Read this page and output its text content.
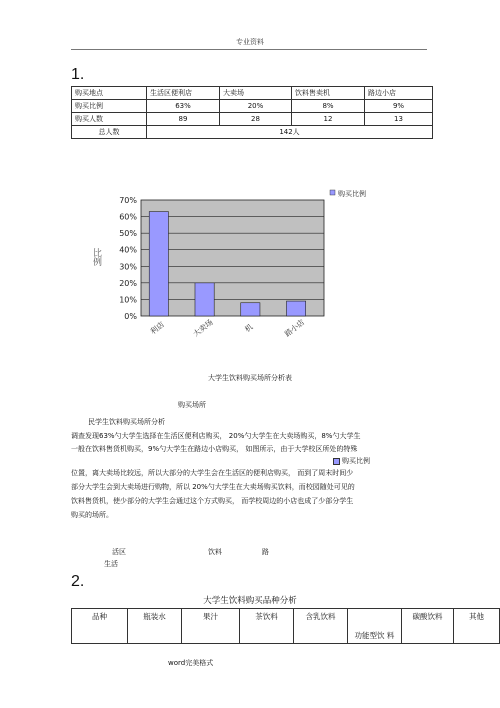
专业资料
1.
购买地点	生活区便利店	大卖场	饮料售卖机	路边小店
购买比例	63%	20%	8%	9%
购买人数	89	28	12	13
总人数	142人			
0%
10%
20%
30%
40%
50%
60%
70%
利店	大卖场	机	路小店
比例
购买比例
大学生饮料购买场所分析表
购买场所
民学生饮料购买场所分析
调查发现63%勺大学生选择在生活区便利店购买， 20%勺大学生在大卖场购买，8%勺大学生
一般在饮料售货机购买，9%勺大学生在路边小店购买， 如图所示，由于大学校区所处的特殊
购买比例
位置，离大卖场比较远，所以大部分的大学生会在生活区的便利店购买， 而到了周末时间少
部分大学生会到大卖场进行购物，所以 20%勺大学生在大卖场购买饮料，而校园随处可见的
饮料售货机，使少部分的大学生会通过这个方式购买， 而学校周边的小店也成了少部分学生
购买的场所。
活区	饮料	路
生活
2.
大学生饮料购买品种分析
品种	瓶装水	果汁	茶饮料	含乳饮料	功能型饮 料	碳酸饮料	其他
word完美格式
